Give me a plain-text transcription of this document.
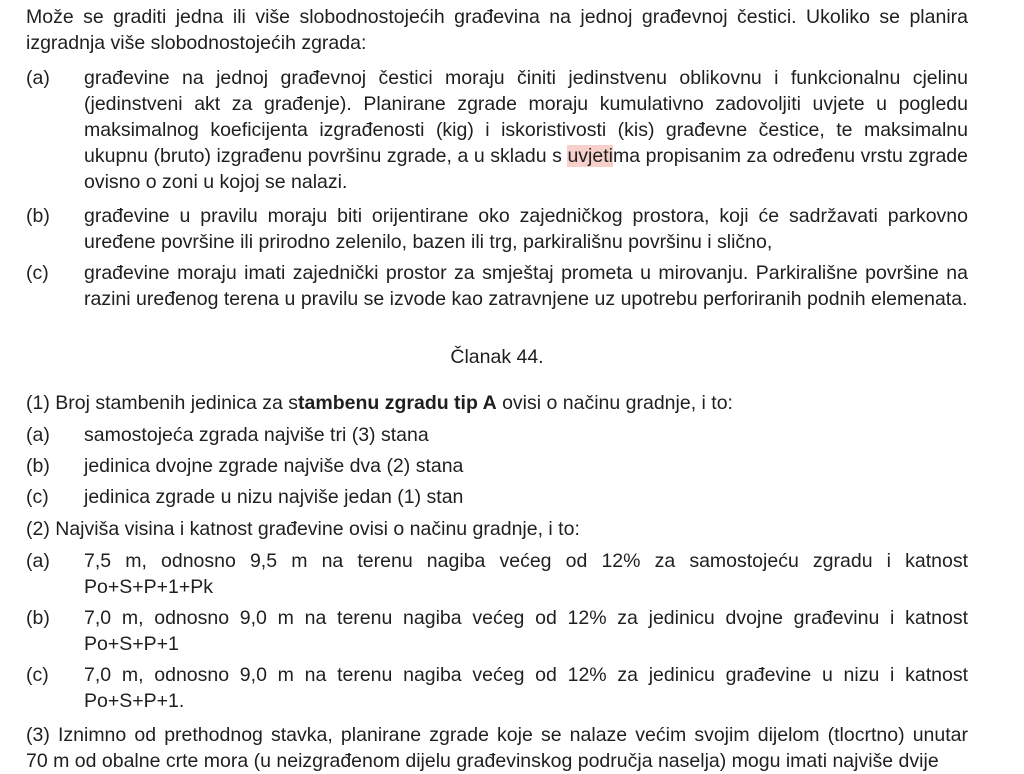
Može se graditi jedna ili više slobodnostojećih građevina na jednoj građevnoj čestici. Ukoliko se planira izgradnja više slobodnostojećih zgrada:

(a)	građevine na jednoj građevnoj čestici moraju činiti jedinstvenu oblikovnu i funkcionalnu cjelinu (jedinstveni akt za građenje). Planirane zgrade moraju kumulativno zadovoljiti uvjete u pogledu maksimalnog koeficijenta izgrađenosti (kig) i iskoristivosti (kis) građevne čestice, te maksimalnu ukupnu (bruto) izgrađenu površinu zgrade, a u skladu s uvjetima propisanim za određenu vrstu zgrade ovisno o zoni u kojoj se nalazi.
(b)	građevine u pravilu moraju biti orijentirane oko zajedničkog prostora, koji će sadržavati parkovno uređene površine ili prirodno zelenilo, bazen ili trg, parkirališnu površinu i slično,
(c)	građevine moraju imati zajednički prostor za smještaj prometa u mirovanju. Parkirališne površine na razini uređenog terena u pravilu se izvode kao zatravnjene uz upotrebu perforiranih podnih elemenata.
Članak 44.
(1) Broj stambenih jedinica za stambenu zgradu tip A ovisi o načinu gradnje, i to:
(a)	samostojeća zgrada najviše tri (3) stana
(b)	jedinica dvojne zgrade najviše dva (2) stana
(c)	jedinica zgrade u nizu najviše jedan (1) stan
(2) Najviša visina i katnost građevine ovisi o načinu gradnje, i to:
(a)	7,5 m, odnosno 9,5 m na terenu nagiba većeg od 12% za samostojeću zgradu i katnost
Po+S+P+1+Pk
(b)	7,0 m, odnosno 9,0 m na terenu nagiba većeg od 12% za jedinicu dvojne građevinu i katnost
Po+S+P+1
(c)	7,0 m, odnosno 9,0 m na terenu nagiba većeg od 12% za jedinicu građevine u nizu i katnost
Po+S+P+1.
(3) Iznimno od prethodnog stavka, planirane zgrade koje se nalaze većim svojim dijelom (tlocrtno) unutar
70 m od obalne crte mora (u neizgrađenom dijelu građevinskog područja naselja) mogu imati najviše dvije
